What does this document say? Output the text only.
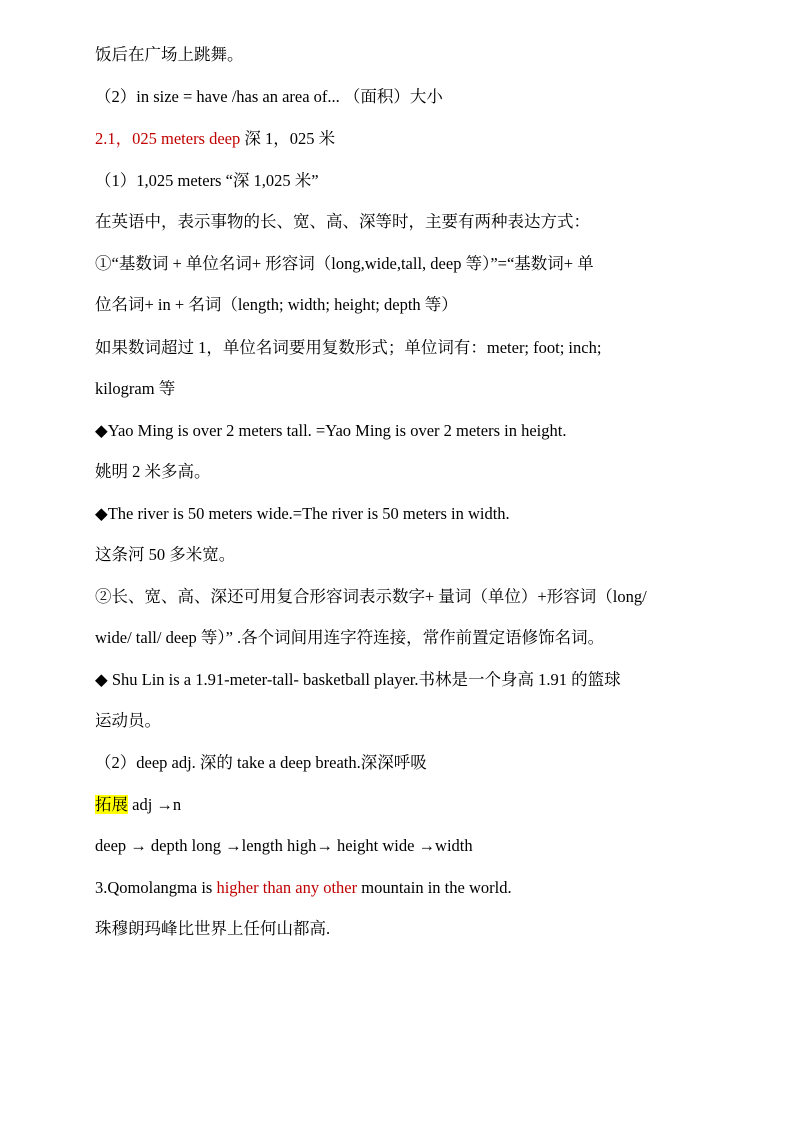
饭后在广场上跳舞。
（2）in size = have /has an area of... （面积）大小
2.1，025 meters deep 深 1，025 米
（1）1,025 meters “深 1,025 米”
在英语中，表示事物的长、宽、高、深等时，主要有两种表达方式：
①“基数词 + 单位名词+ 形容词（long,wide,tall, deep 等）”=“基数词+ 单
位名词+ in + 名词（length; width; height; depth 等）
如果数词超过 1，单位名词要用复数形式；单位词有：meter; foot; inch;
kilogram 等
◆Yao Ming is over 2 meters tall. =Yao Ming is over 2 meters in height.
姚明 2 米多高。
◆The river is 50 meters wide.=The river is 50 meters in width.
这条河 50 多米宽。
②长、宽、高、深还可用复合形容词表示数字+ 量词（单位）+形容词（long/
wide/ tall/ deep 等）” .各个词间用连字符连接，常作前置定语修饰名词。
◆ Shu Lin is a 1.91-meter-tall- basketball player.书林是一个身高 1.91 的篮球
运动员。
（2）deep adj. 深的 take a deep breath.深深呼吸
拓展 adj →n
deep → depth long →length high→ height wide →width
3.Qomolangma is higher than any other mountain in the world.
珠穆朗玛峰比世界上任何山都高.
